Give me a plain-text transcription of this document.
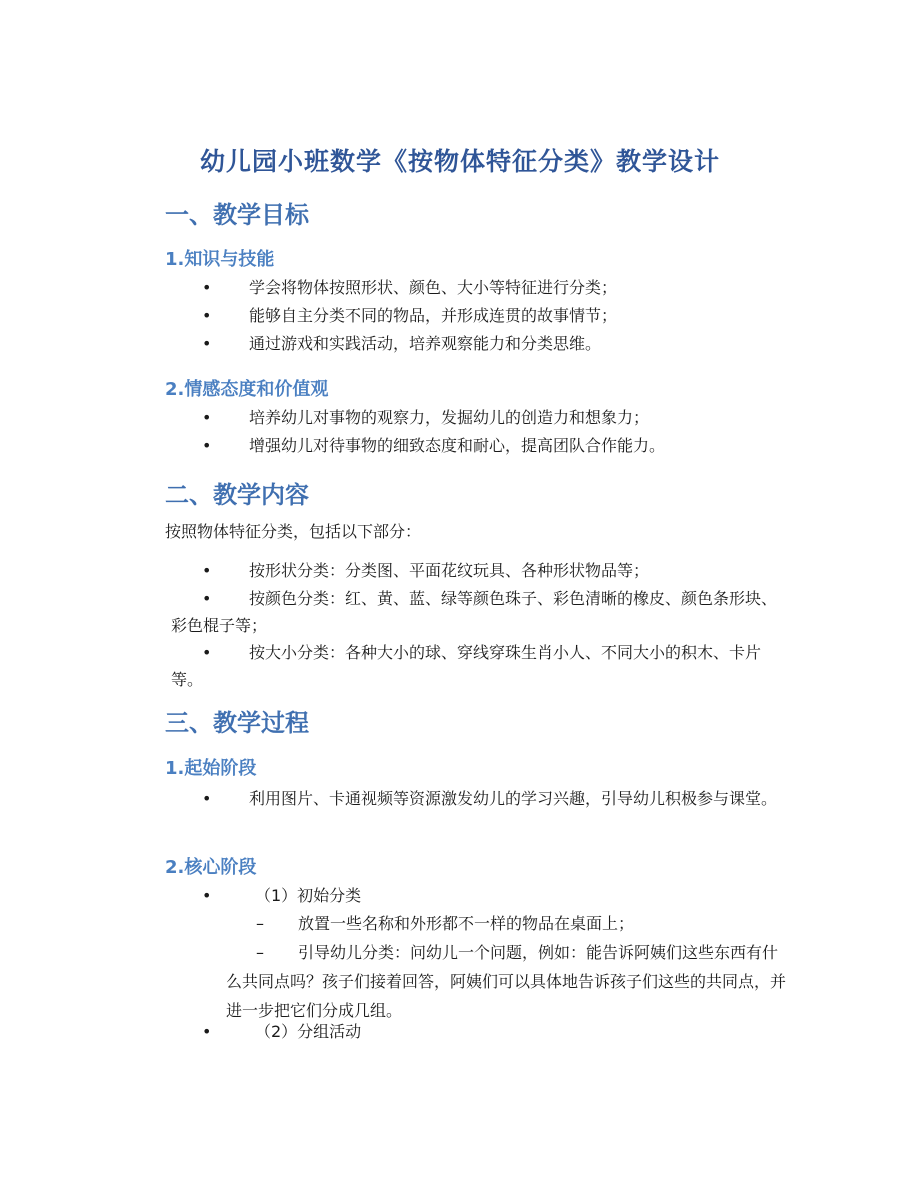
幼儿园小班数学《按物体特征分类》教学设计
一、教学目标
1.知识与技能
•	学会将物体按照形状、颜色、大小等特征进行分类；
•	能够自主分类不同的物品，并形成连贯的故事情节；
•	通过游戏和实践活动，培养观察能力和分类思维。
2.情感态度和价值观
•	培养幼儿对事物的观察力，发掘幼儿的创造力和想象力；
•	增强幼儿对待事物的细致态度和耐心，提高团队合作能力。
二、教学内容
按照物体特征分类，包括以下部分：
•	按形状分类：分类图、平面花纹玩具、各种形状物品等；
•	按颜色分类：红、黄、蓝、绿等颜色珠子、彩色清晰的橡皮、颜色条形块、彩色棍子等；
•	按大小分类：各种大小的球、穿线穿珠生肖小人、不同大小的积木、卡片等。
三、教学过程
1.起始阶段
•	利用图片、卡通视频等资源激发幼儿的学习兴趣，引导幼儿积极参与课堂。
2.核心阶段
•	（1）初始分类
–	放置一些名称和外形都不一样的物品在桌面上；
–	引导幼儿分类：问幼儿一个问题，例如：能告诉阿姨们这些东西有什么共同点吗？孩子们接着回答，阿姨们可以具体地告诉孩子们这些的共同点，并进一步把它们分成几组。
•	（2）分组活动
